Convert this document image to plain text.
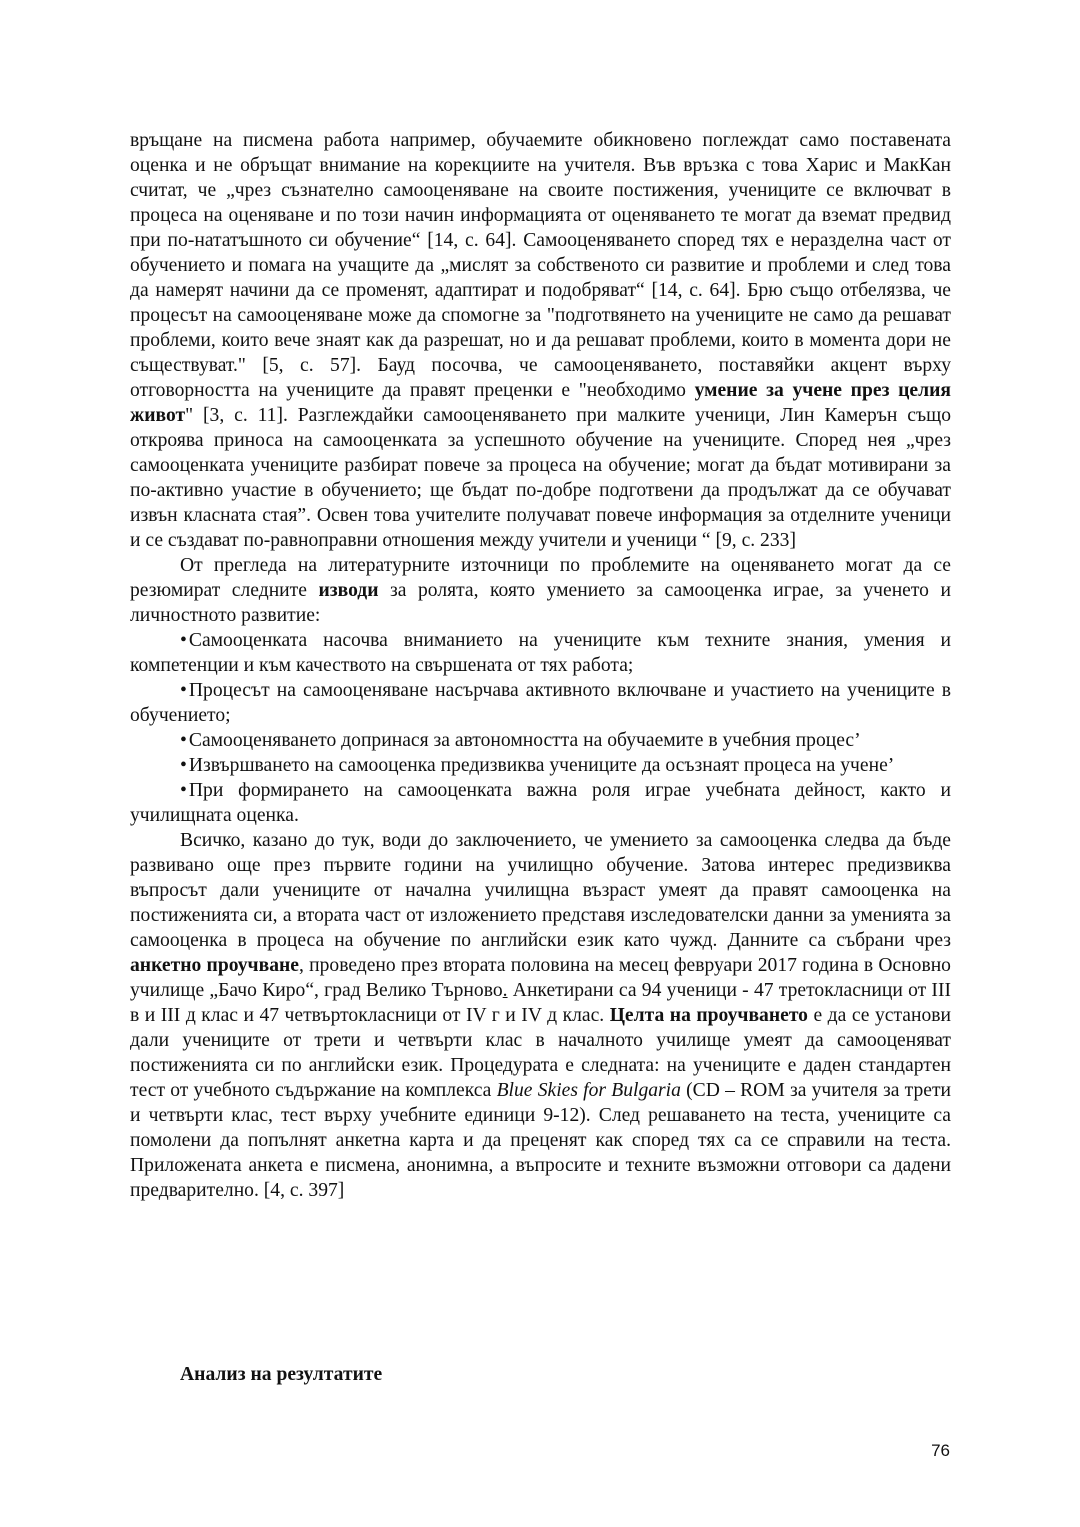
връщане на писмена работа например, обучаемите обикновено поглеждат само поставената оценка и не обръщат внимание на корекциите на учителя. Във връзка с това Харис и МакКан считат, че „чрез съзнателно самооценяване на своите постижения, учениците се включват в процеса на оценяване и по този начин информацията от оценяването те могат да вземат предвид при по-нататъшното си обучение“ [14, с. 64]. Самооценяването според тях е неразделна част от обучението и помага на учащите да „мислят за собственото си развитие и проблеми и след това да намерят начини да се променят, адаптират и подобряват“ [14, с. 64]. Брю също отбелязва, че процесът на самооценяване може да спомогне за "подготвянето на учениците не само да решават проблеми, които вече знаят как да разрешат, но и да решават проблеми, които в момента дори не съществуват." [5, с. 57]. Бауд посочва, че самооценяването, поставяйки акцент върху отговорността на учениците да правят преценки е "необходимо умение за учене през целия живот" [3, с. 11]. Разглеждайки самооценяването при малките ученици, Лин Камерън също откроява приноса на самооценката за успешното обучение на учениците. Според нея „чрез самооценката учениците разбират повече за процеса на обучение; могат да бъдат мотивирани за по-активно участие в обучението; ще бъдат по-добре подготвени да продължат да се обучават извън класната стая”. Освен това учителите получават повече информация за отделните ученици и се създават по-равноправни отношения между учители и ученици “ [9, с. 233]

От прегледа на литературните източници по проблемите на оценяването могат да се резюмират следните изводи за ролята, която умението за самооценка играе, за ученето и личностното развитие:

• Самооценката насочва вниманието на учениците към техните знания, умения и компетенции и към качеството на свършената от тях работа;

• Процесът на самооценяване насърчава активното включване и участието на учениците в обучението;

• Самооценяването допринася за автономността на обучаемите в учебния процес’

• Извършването на самооценка предизвиква учениците да осъзнаят процеса на учене’

• При формирането на самооценката важна роля играе учебната дейност, както и училищната оценка.

Всичко, казано до тук, води до заключението, че умението за самооценка следва да бъде развивано още през първите години на училищно обучение. Затова интерес предизвиква въпросът дали учениците от начална училищна възраст умеят да правят самооценка на постиженията си, а втората част от изложението представя изследователски данни за уменията за самооценка в процеса на обучение по английски език като чужд. Данните са събрани чрез анкетно проучване, проведено през втората половина на месец февруари 2017 година в Основно училище „Бачо Киро“, град Велико Търново. Анкетирани са 94 ученици - 47 третокласници от III в и III д клас и 47 четвъртокласници от IV г и IV д клас. Целта на проучването е да се установи дали учениците от трети и четвърти клас в началното училище умеят да самооценяват постиженията си по английски език. Процедурата е следната: на учениците е даден стандартен тест от учебното съдържание на комплекса Blue Skies for Bulgaria (CD – ROM за учителя за трети и четвърти клас, тест върху учебните единици 9-12). След решаването на теста, учениците са помолени да попълнят анкетна карта и да преценят как според тях са се справили на теста. Приложената анкета е писмена, анонимна, а въпросите и техните възможни отговори са дадени предварително. [4, с. 397]

Анализ на резултатите
76
